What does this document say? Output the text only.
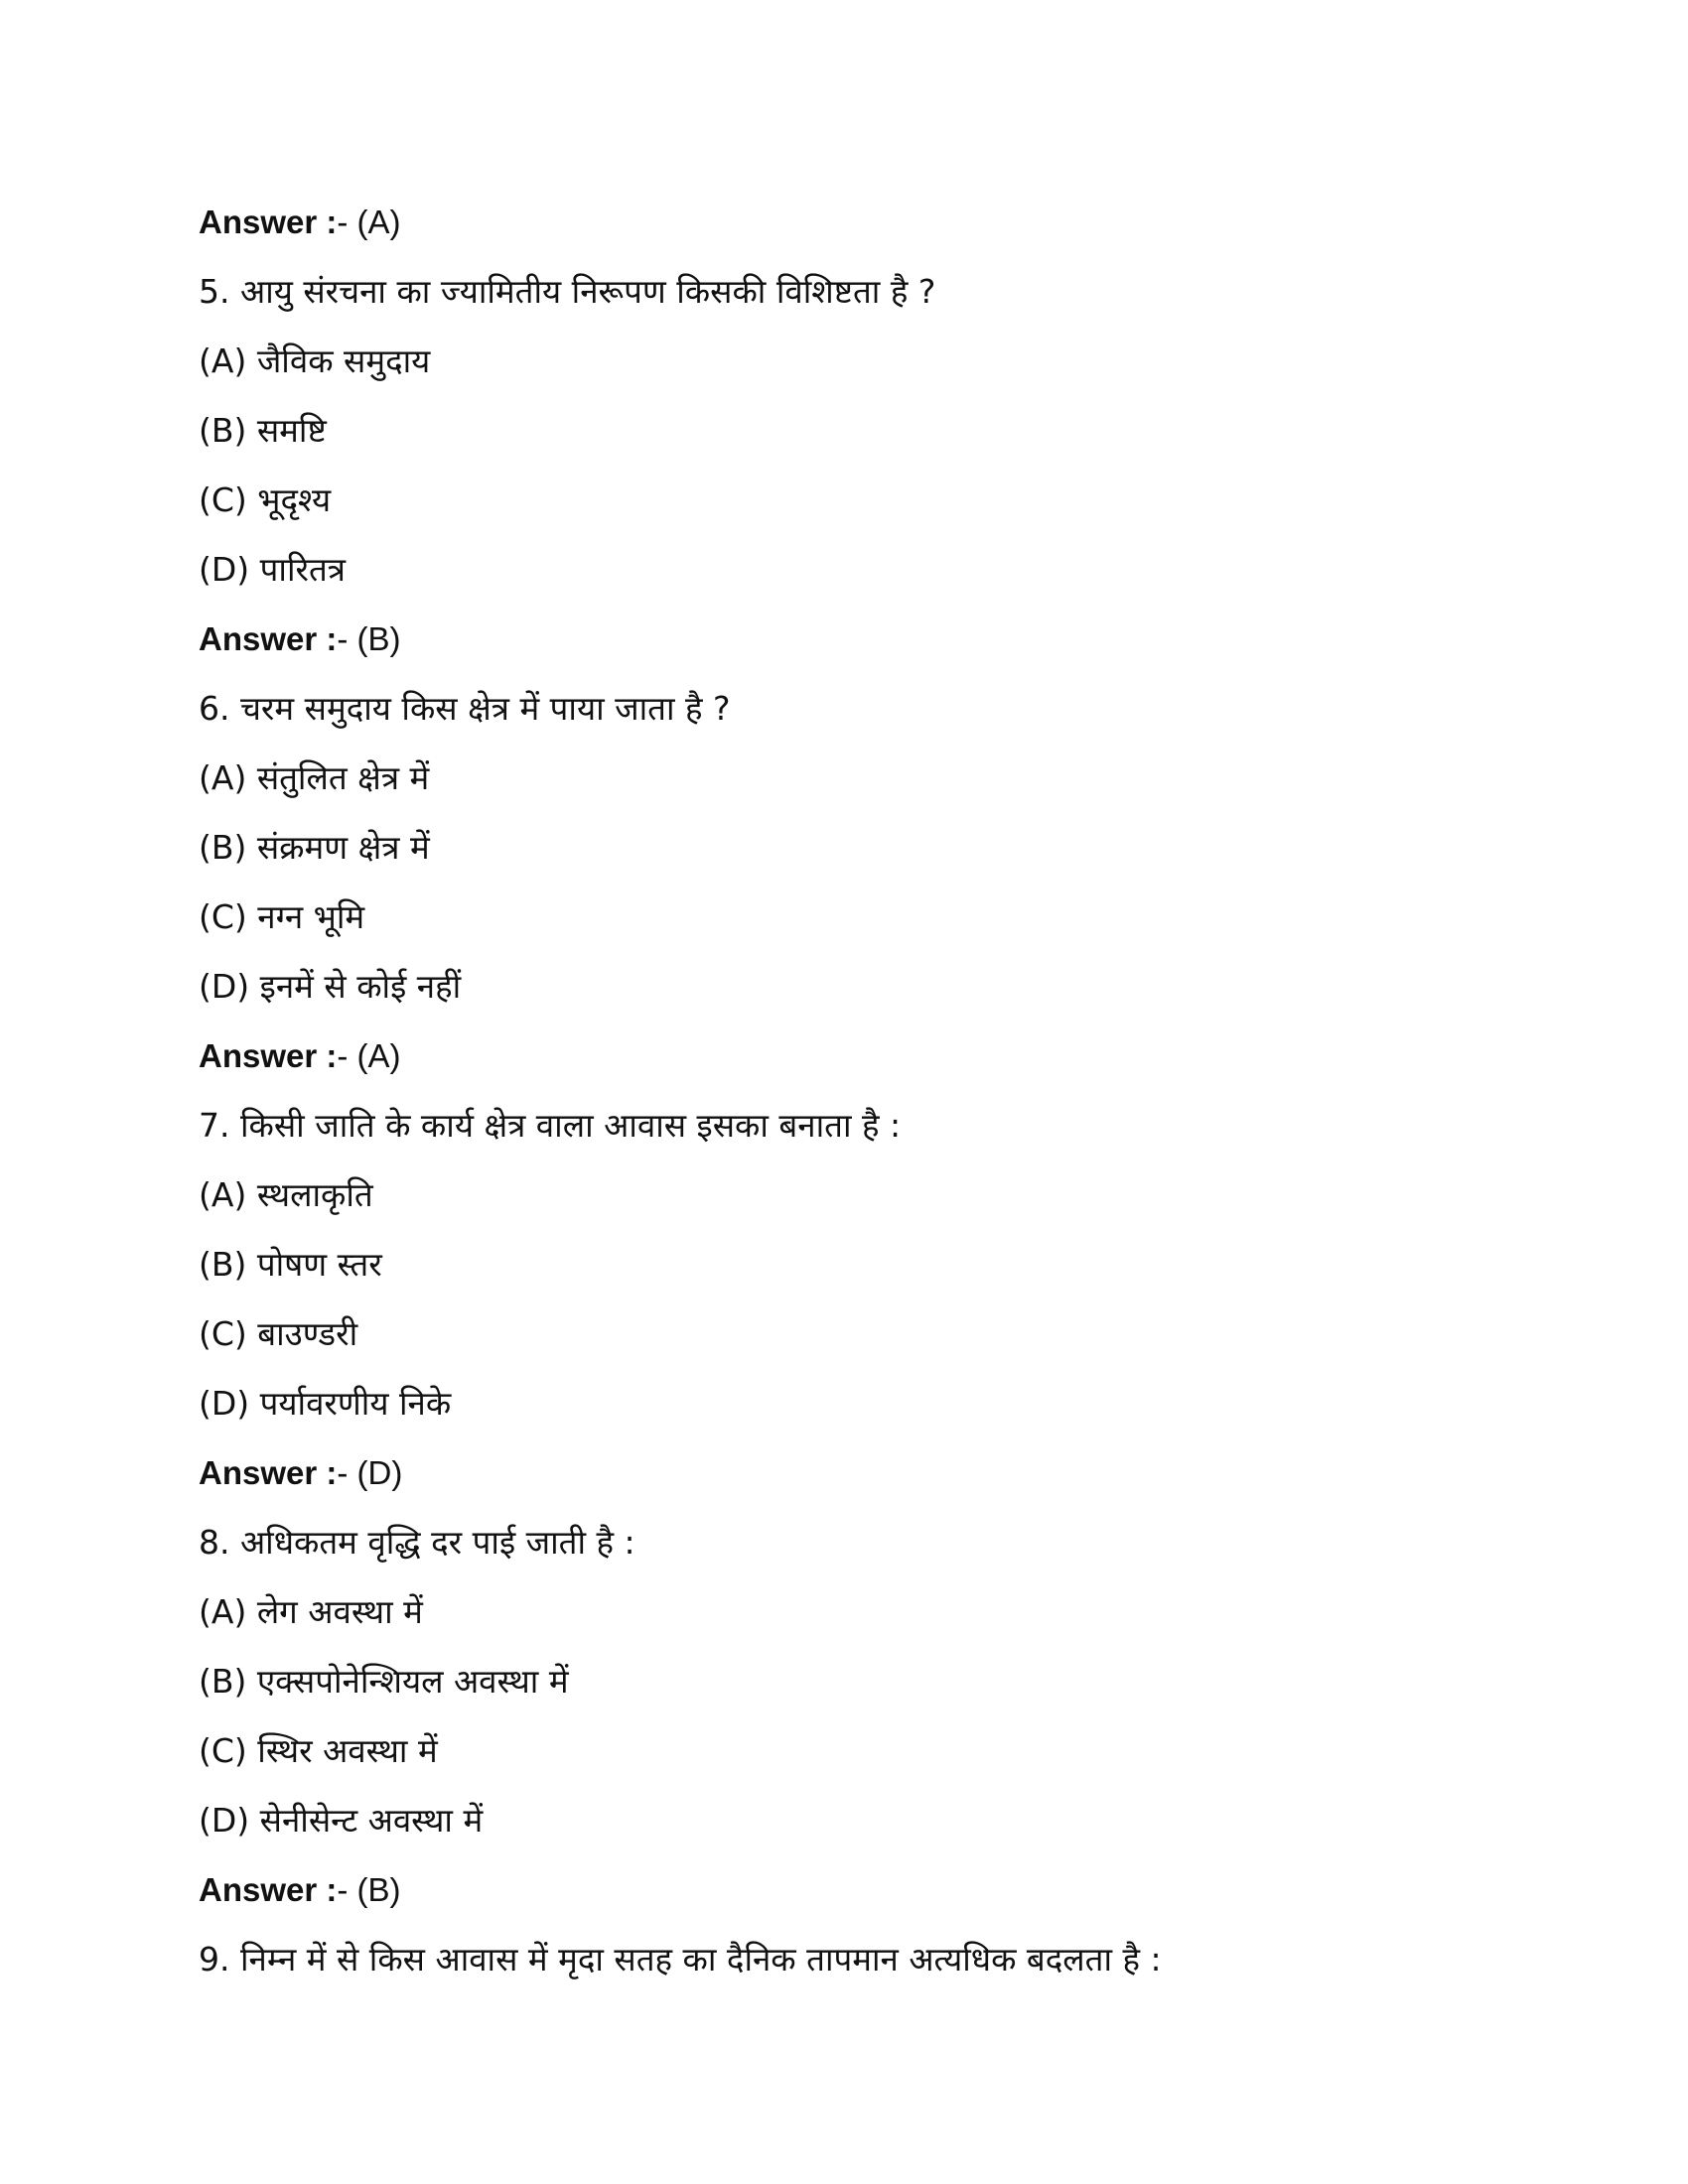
Answer :- (A)
5. आयु संरचना का ज्यामितीय निरूपण किसकी विशिष्टता है ?
(A) जैविक समुदाय
(B) समष्टि
(C) भूदृश्य
(D) पारितत्र
Answer :- (B)
6. चरम समुदाय किस क्षेत्र में पाया जाता है ?
(A) संतुलित क्षेत्र में
(B) संक्रमण क्षेत्र में
(C) नग्न भूमि
(D) इनमें से कोई नहीं
Answer :- (A)
7. किसी जाति के कार्य क्षेत्र वाला आवास इसका बनाता है :
(A) स्थलाकृति
(B) पोषण स्तर
(C) बाउण्डरी
(D) पर्यावरणीय निके
Answer :- (D)
8. अधिकतम वृद्धि दर पाई जाती है :
(A) लेग अवस्था में
(B) एक्सपोनेन्शियल अवस्था में
(C) स्थिर अवस्था में
(D) सेनीसेन्ट अवस्था में
Answer :- (B)
9. निम्न में से किस आवास में मृदा सतह का दैनिक तापमान अत्यधिक बदलता है :
